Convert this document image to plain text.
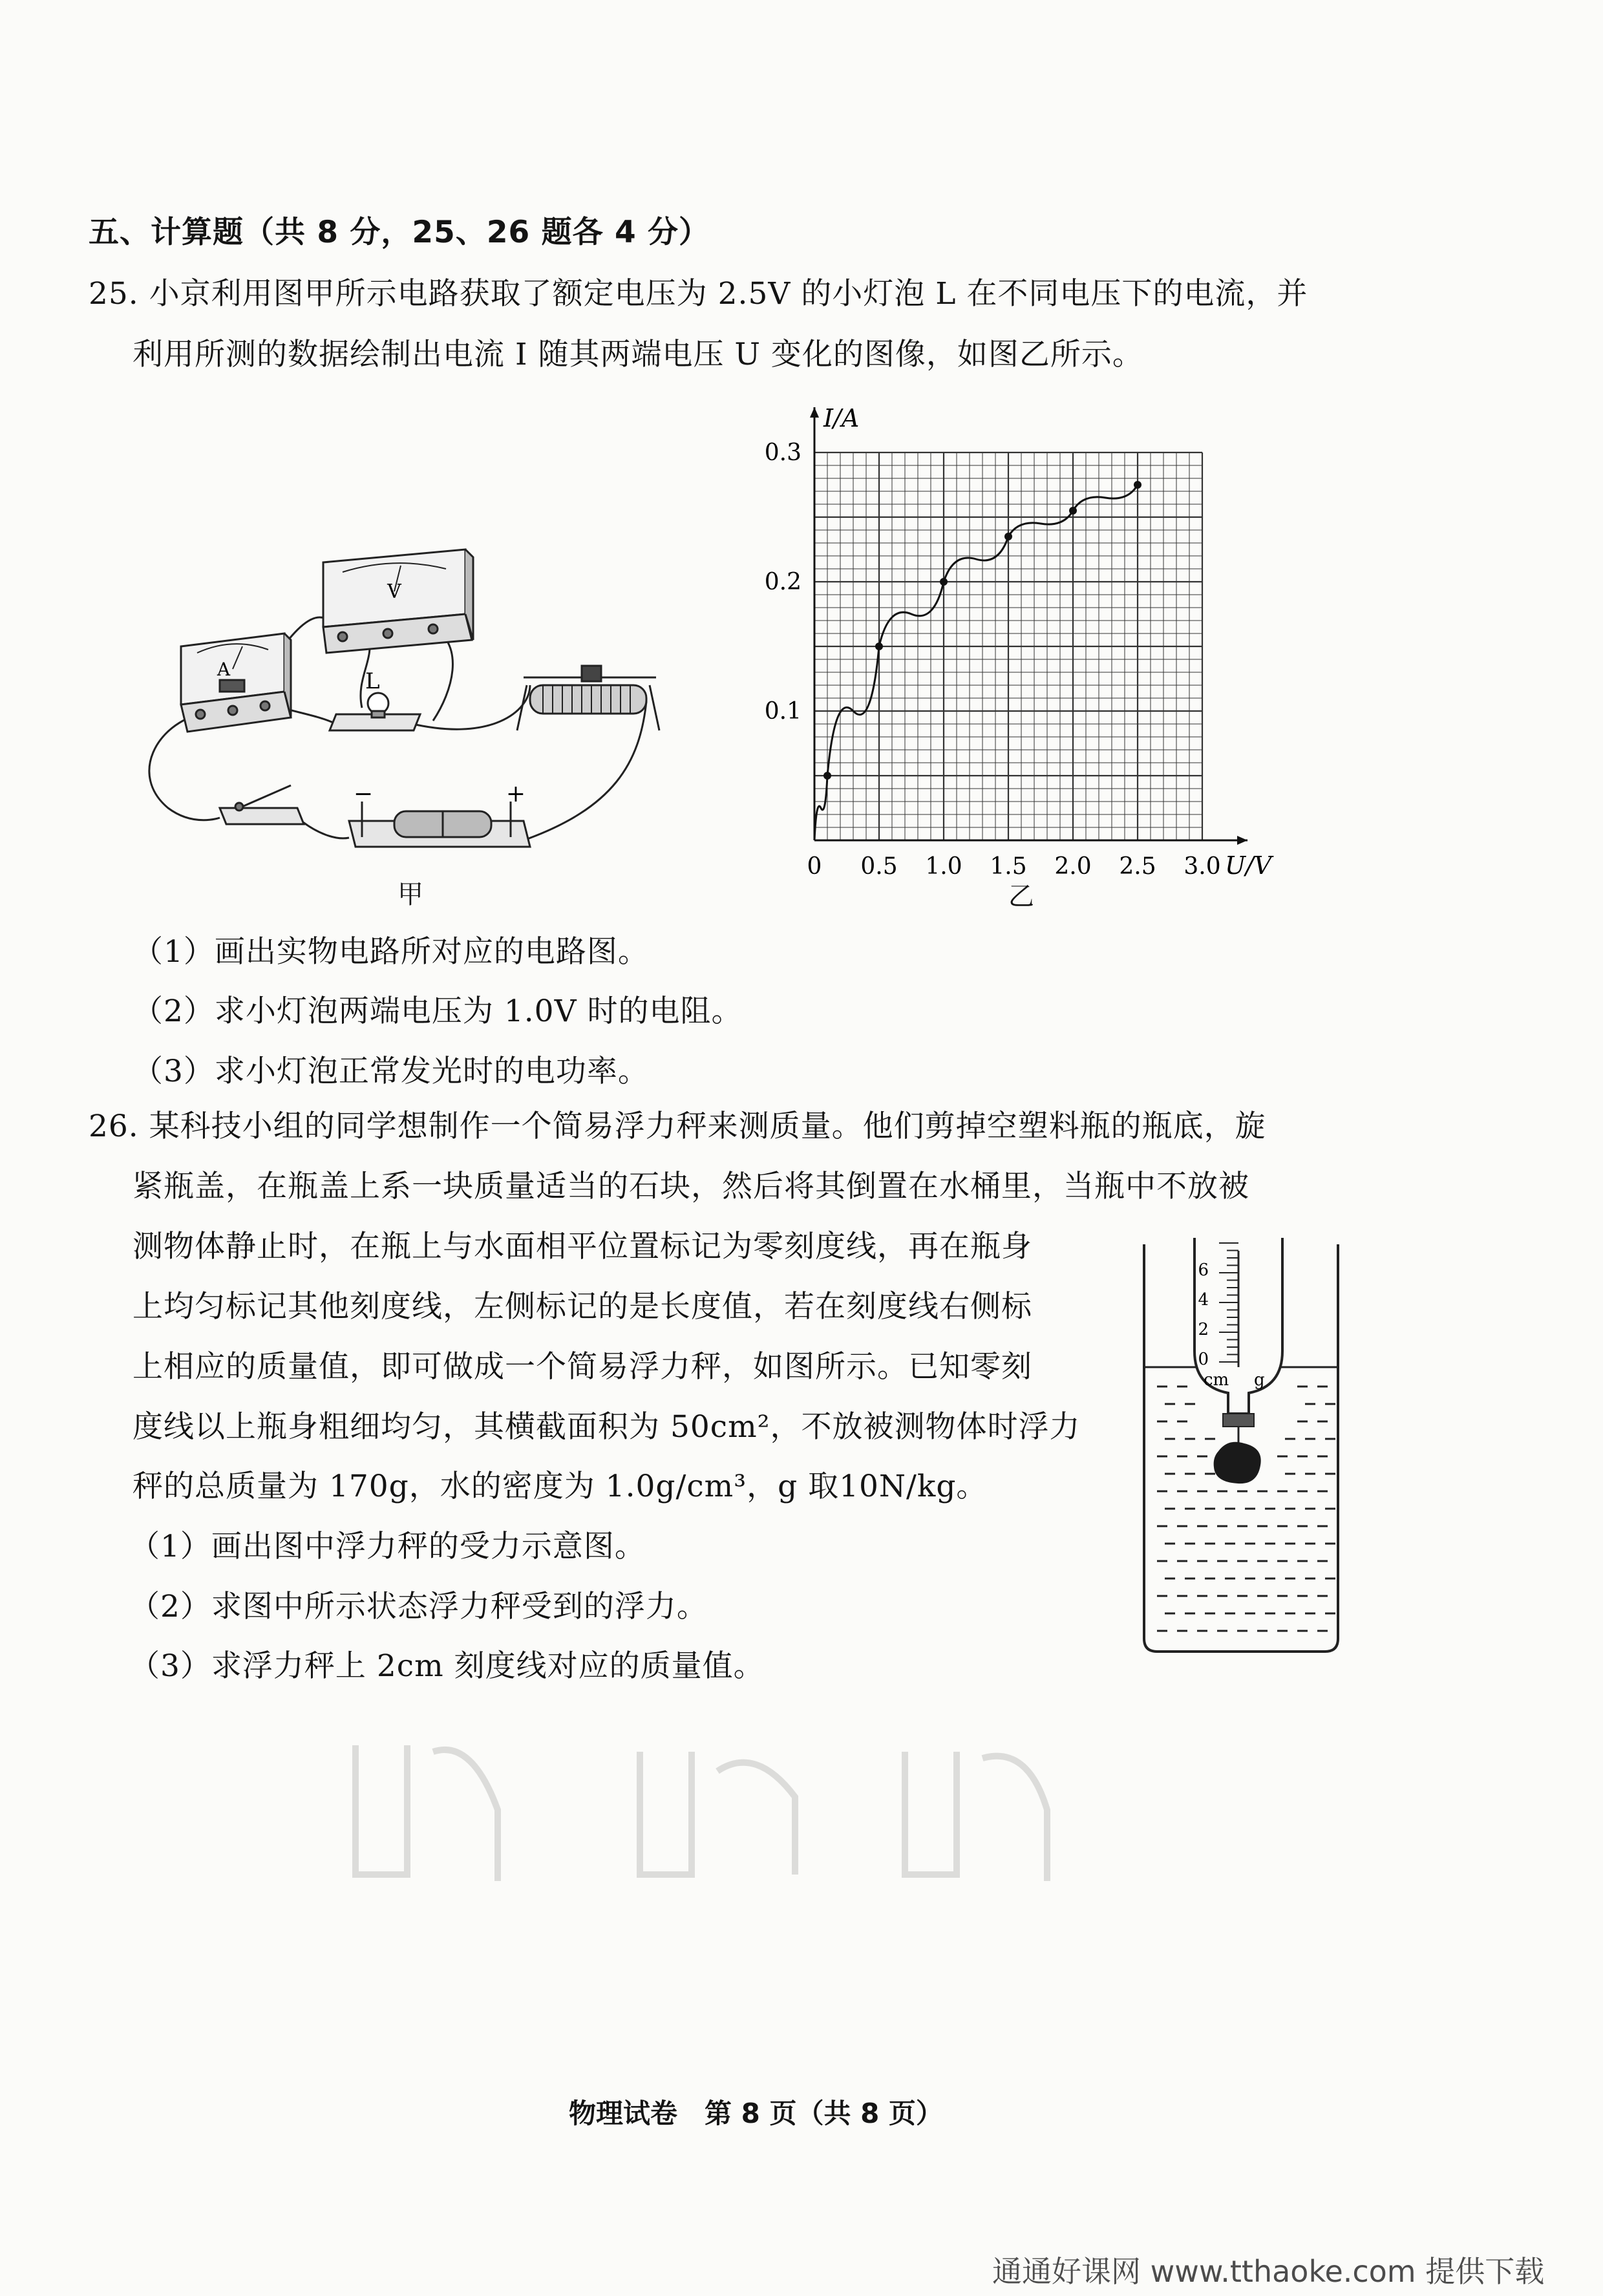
五、计算题（共 8 分，25、26 题各 4 分）
25. 小京利用图甲所示电路获取了额定电压为 2.5V 的小灯泡 L 在不同电压下的电流，并
利用所测的数据绘制出电流 I 随其两端电压 U 变化的图像，如图乙所示。
A
V
L
−	+
甲
0 0.5 1.0 1.5 2.0 2.5 3.0
0.1
0.2
0.3
U/V
I/A
乙
（1）画出实物电路所对应的电路图。
（2）求小灯泡两端电压为 1.0V 时的电阻。
（3）求小灯泡正常发光时的电功率。
26. 某科技小组的同学想制作一个简易浮力秤来测质量。他们剪掉空塑料瓶的瓶底，旋
紧瓶盖，在瓶盖上系一块质量适当的石块，然后将其倒置在水桶里，当瓶中不放被
测物体静止时，在瓶上与水面相平位置标记为零刻度线，再在瓶身
上均匀标记其他刻度线，左侧标记的是长度值，若在刻度线右侧标
上相应的质量值，即可做成一个简易浮力秤，如图所示。已知零刻
度线以上瓶身粗细均匀，其横截面积为 50cm²，不放被测物体时浮力
秤的总质量为 170g，水的密度为 1.0g/cm³，g 取10N/kg。
（1）画出图中浮力秤的受力示意图。
（2）求图中所示状态浮力秤受到的浮力。
（3）求浮力秤上 2cm 刻度线对应的质量值。
6
4
2
0
cm g
物理试卷　第 8 页（共 8 页）
通通好课网 www.tthaoke.com 提供下载
